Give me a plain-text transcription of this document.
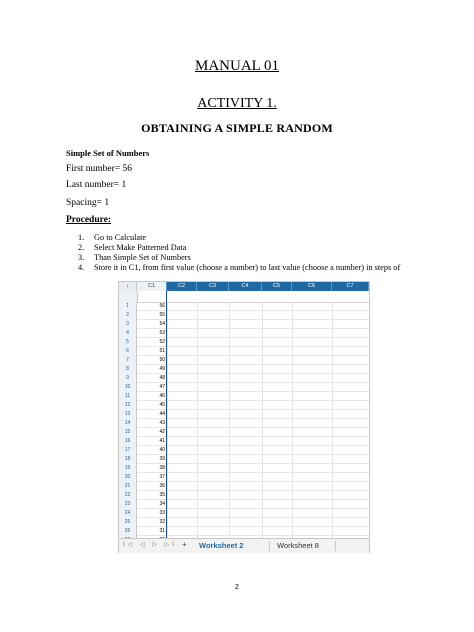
MANUAL 01
ACTIVITY 1.
OBTAINING A SIMPLE RANDOM
Simple Set of Numbers
First number= 56
Last number= 1
Spacing= 1
Procedure:
1. Go to Calculate
2. Select Make Patterned Data
3. Than Simple Set of Numbers
4. Store it in C1, from first value (choose a number) to last value (choose a number) in steps of
↓	C1	C2	C3	C4	C5	C6	C7
1	56
2	55
3	54
4	53
5	52
6	51
7	50
8	49
9	48
10	47
11	46
12	45
13	44
14	43
15	42
16	41
17	40
18	39
19	38
20	37
21	36
22	35
23	34
24	33
25	32
26	31
I◁ ◁ ▷ ▷I + Worksheet 2	Worksheet 8
2
